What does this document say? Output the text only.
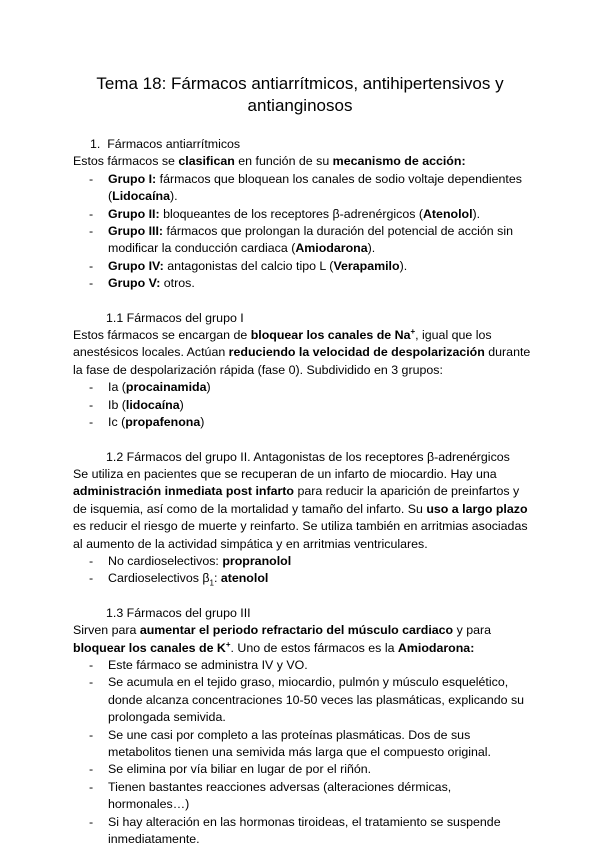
Tema 18: Fármacos antiarrítmicos, antihipertensivos y antianginosos
1. Fármacos antiarrítmicos

Estos fármacos se clasifican en función de su mecanismo de acción:

- Grupo I: fármacos que bloquean los canales de sodio voltaje dependientes (Lidocaína).
- Grupo II: bloqueantes de los receptores β-adrenérgicos (Atenolol).
- Grupo III: fármacos que prolongan la duración del potencial de acción sin modificar la conducción cardiaca (Amiodarona).
- Grupo IV: antagonistas del calcio tipo L (Verapamilo).
- Grupo V: otros.
1.1 Fármacos del grupo I

Estos fármacos se encargan de bloquear los canales de Na+, igual que los anestésicos locales. Actúan reduciendo la velocidad de despolarización durante la fase de despolarización rápida (fase 0). Subdividido en 3 grupos:

- Ia (procainamida)
- Ib (lidocaína)
- Ic (propafenona)
1.2 Fármacos del grupo II. Antagonistas de los receptores β-adrenérgicos

Se utiliza en pacientes que se recuperan de un infarto de miocardio. Hay una administración inmediata post infarto para reducir la aparición de preinfartos y de isquemia, así como de la mortalidad y tamaño del infarto. Su uso a largo plazo es reducir el riesgo de muerte y reinfarto. Se utiliza también en arritmias asociadas al aumento de la actividad simpática y en arritmias ventriculares.

- No cardioselectivos: propranolol
- Cardioselectivos $\beta_1$: atenolol
1.3 Fármacos del grupo III

Sirven para aumentar el periodo refractario del músculo cardiaco y para bloquear los canales de K+. Uno de estos fármacos es la Amiodarona:

- Este fármaco se administra IV y VO.
- Se acumula en el tejido graso, miocardio, pulmón y músculo esquelético, donde alcanza concentraciones 10-50 veces las plasmáticas, explicando su prolongada semivida.
- Se une casi por completo a las proteínas plasmáticas. Dos de sus metabolitos tienen una semivida más larga que el compuesto original.
- Se elimina por vía biliar en lugar de por el riñón.
- Tienen bastantes reacciones adversas (alteraciones dérmicas, hormonales…)
- Si hay alteración en las hormonas tiroideas, el tratamiento se suspende inmediatamente.
